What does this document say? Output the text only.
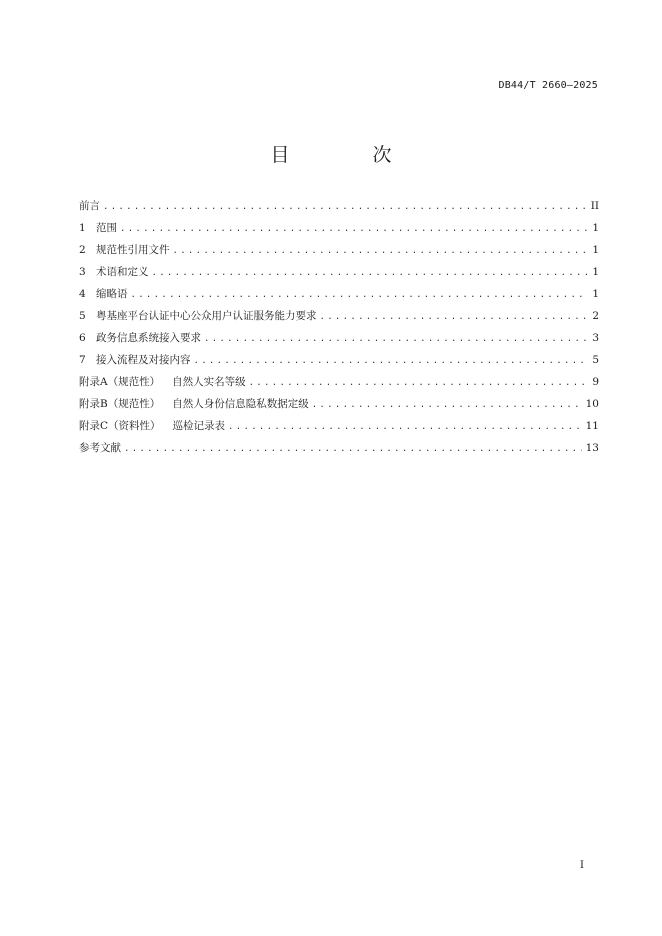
DB44/T 2660—2025
目　次
前言 .....	II
1 范围 .....	1
2 规范性引用文件 .....	1
3 术语和定义 .....	1
4 缩略语 .....	1
5 粤基座平台认证中心公众用户认证服务能力要求 .....	2
6 政务信息系统接入要求 .....	3
7 接入流程及对接内容 .....	5
附录A（规范性） 自然人实名等级 .....	9
附录B（规范性） 自然人身份信息隐私数据定级 .....	10
附录C（资料性） 巡检记录表 .....	11
参考文献 .....	13
I
